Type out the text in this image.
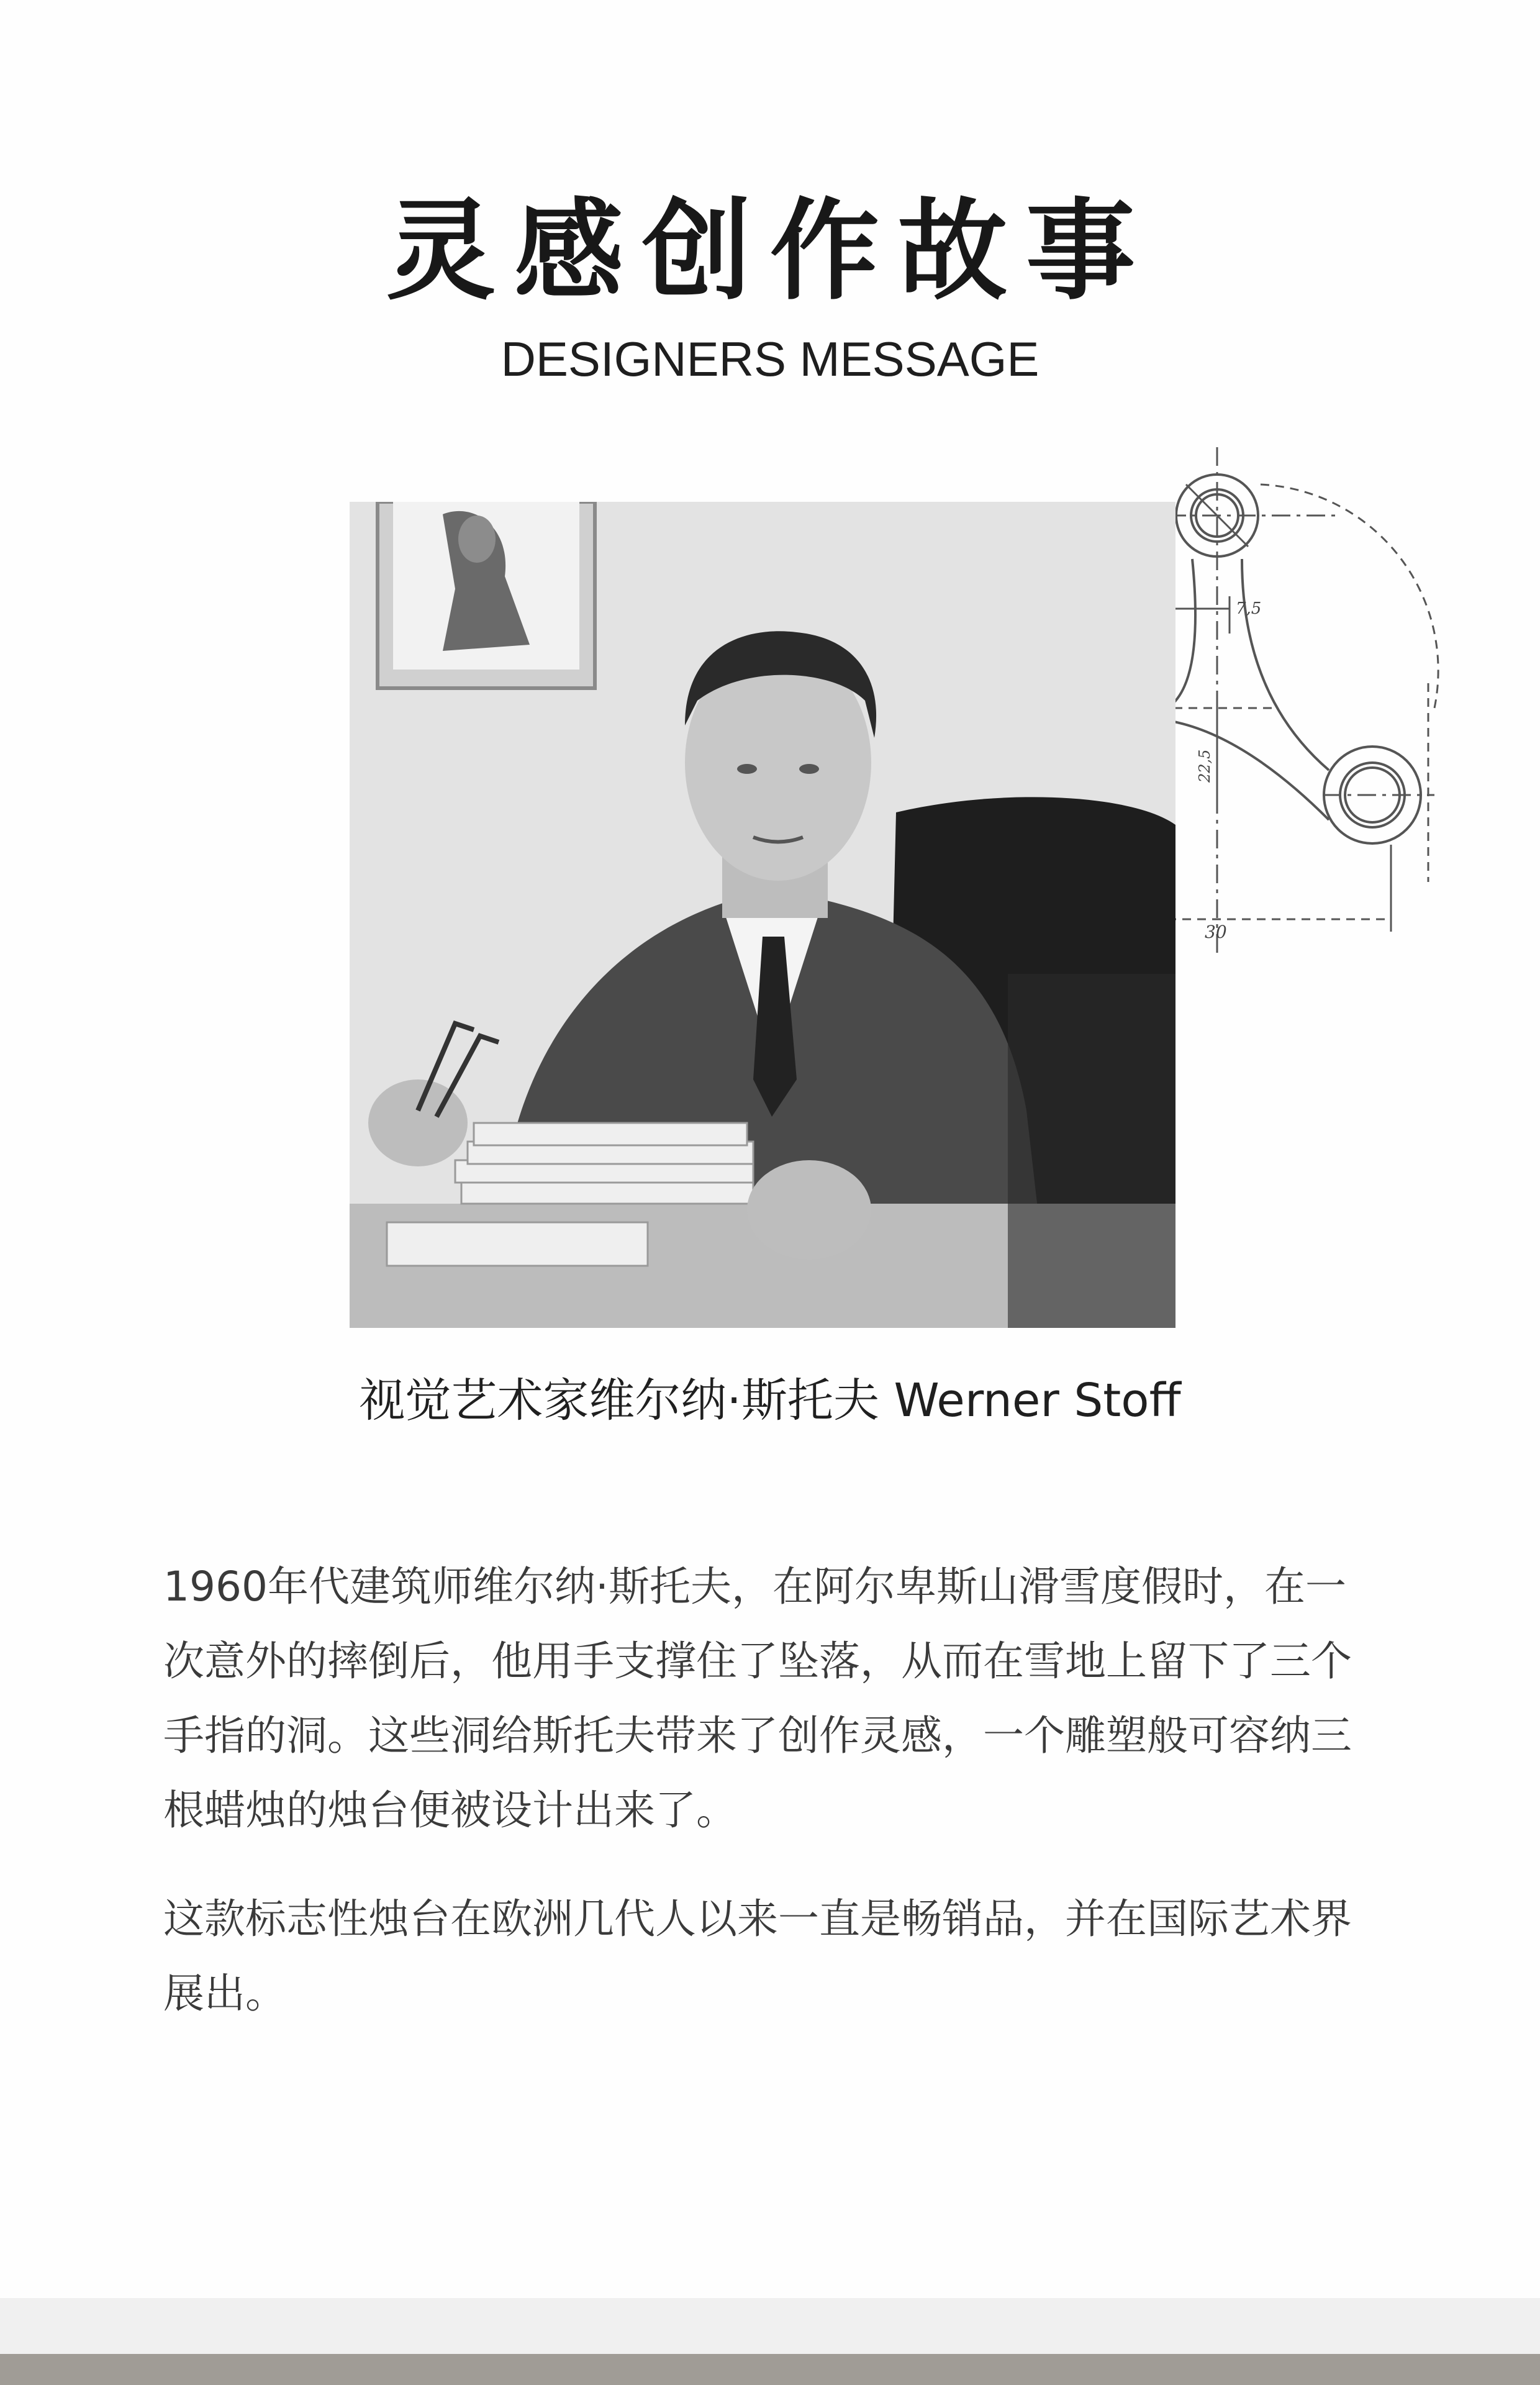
灵感创作故事
DESIGNERS MESSAGE
7,5
22,5
30
视觉艺术家维尔纳·斯托夫 Werner Stoff

1960年代建筑师维尔纳·斯托夫，在阿尔卑斯山滑雪度假时，在一次意外的摔倒后，他用手支撑住了坠落，从而在雪地上留下了三个手指的洞。这些洞给斯托夫带来了创作灵感，一个雕塑般可容纳三根蜡烛的烛台便被设计出来了。

这款标志性烛台在欧洲几代人以来一直是畅销品，并在国际艺术界展出。
